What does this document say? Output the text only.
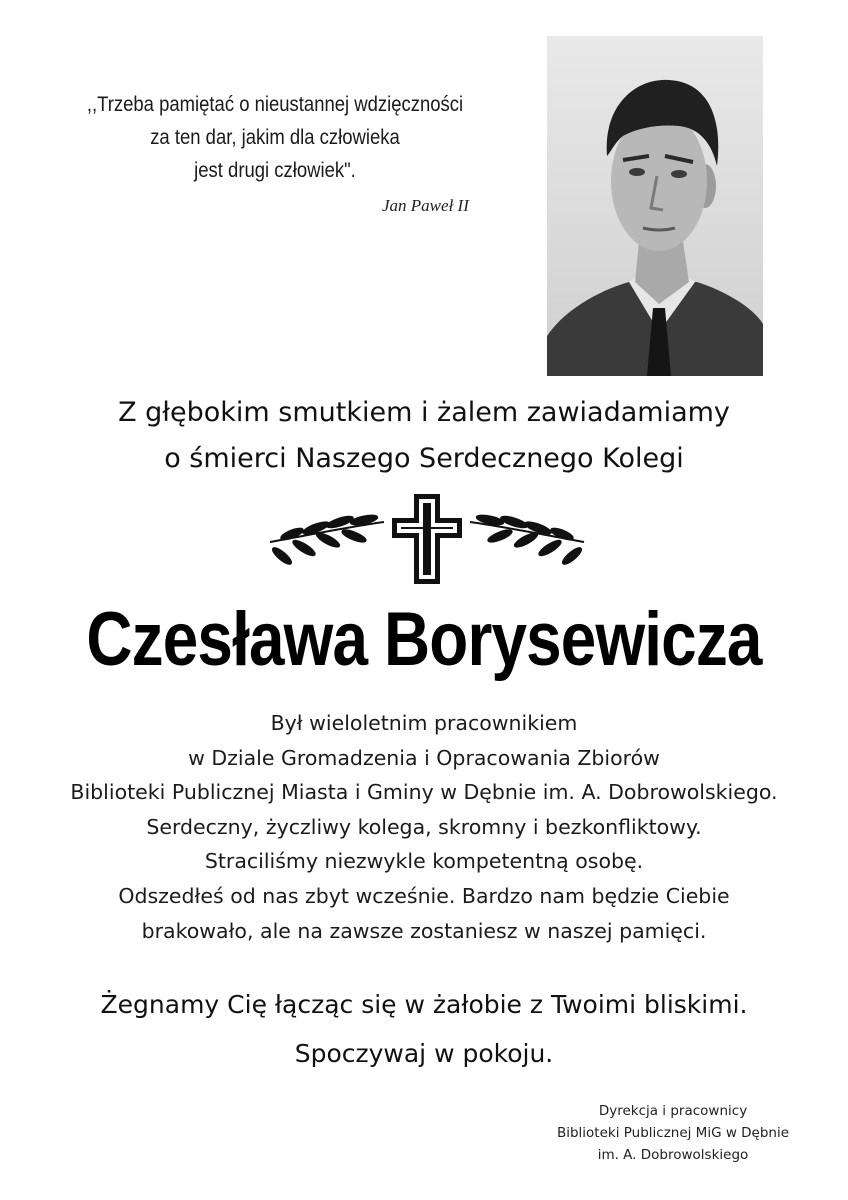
,,Trzeba pamiętać o nieustannej wdzięczności
za ten dar, jakim dla człowieka
jest drugi człowiek".
Jan Paweł II
Z głębokim smutkiem i żalem zawiadamiamy
o śmierci Naszego Serdecznego Kolegi
Czesława Borysewicza
Był wieloletnim pracownikiem
w Dziale Gromadzenia i Opracowania Zbiorów
Biblioteki Publicznej Miasta i Gminy w Dębnie im. A. Dobrowolskiego.
Serdeczny, życzliwy kolega, skromny i bezkonfliktowy.
Straciliśmy niezwykle kompetentną osobę.
Odszedłeś od nas zbyt wcześnie. Bardzo nam będzie Ciebie
brakowało, ale na zawsze zostaniesz w naszej pamięci.
Żegnamy Cię łącząc się w żałobie z Twoimi bliskimi.
Spoczywaj w pokoju.
Dyrekcja i pracownicy
Biblioteki Publicznej MiG w Dębnie
im. A. Dobrowolskiego
